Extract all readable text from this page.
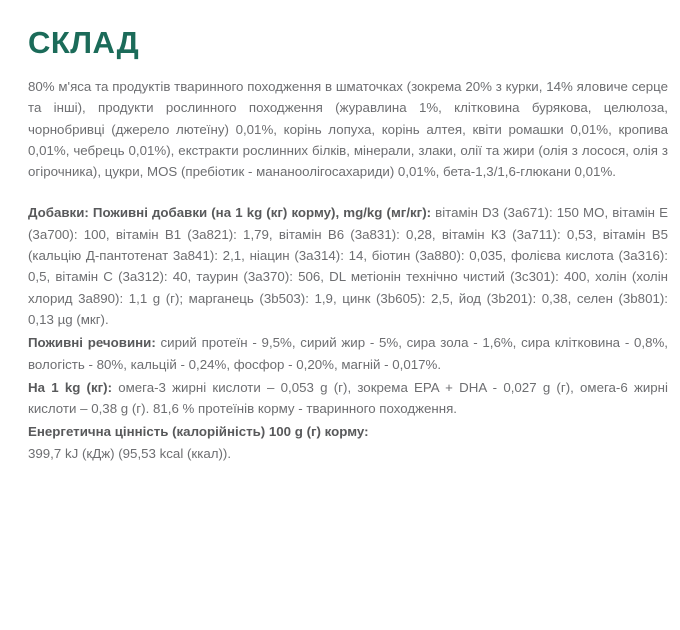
СКЛАД

80% м'яса та продуктів тваринного походження в шматочках (зокрема 20% з курки, 14% яловиче серце та інші), продукти рослинного походження (журавлина 1%, клітковина бурякова, целюлоза, чорнобривці (джерело лютеїну) 0,01%, корінь лопуха, корінь алтея, квіти ромашки 0,01%, кропива 0,01%, чебрець 0,01%), екстракти рослинних білків, мінерали, злаки, олії та жири (олія з лосося, олія з огірочника), цукри, MOS (пребіотик - мананоолігосахариди) 0,01%, бета-1,3/1,6-глюкани 0,01%.

Добавки: Поживні добавки (на 1 kg (кг) корму), mg/kg (мг/кг): вітамін D3 (3a671): 150 МО, вітамін Е (3a700): 100, вітамін В1 (3a821): 1,79, вітамін В6 (3a831): 0,28, вітамін К3 (3a711): 0,53, вітамін В5 (кальцію Д-пантотенат 3a841): 2,1, ніацин (3a314): 14, біотин (3a880): 0,035, фолієва кислота (3a316): 0,5, вітамін С (3a312): 40, таурин (3a370): 506, DL метіонін технічно чистий (3c301): 400, холін (холін хлорид 3a890): 1,1 g (г); марганець (3b503): 1,9, цинк (3b605): 2,5, йод (3b201): 0,38, селен (3b801): 0,13 µg (мкг).

Поживні речовини: сирий протеїн - 9,5%, сирий жир - 5%, сира зола - 1,6%, сира клітковина - 0,8%, вологість - 80%, кальцій - 0,24%, фосфор - 0,20%, магній - 0,017%.

На 1 kg (кг): омега-3 жирні кислоти – 0,053 g (г), зокрема EPA + DHA - 0,027 g (г), омега-6 жирні кислоти – 0,38 g (г). 81,6 % протеїнів корму - тваринного походження.

Енергетична цінність (калорійність) 100 g (г) корму:
399,7 kJ (кДж) (95,53 kcal (ккал)).
